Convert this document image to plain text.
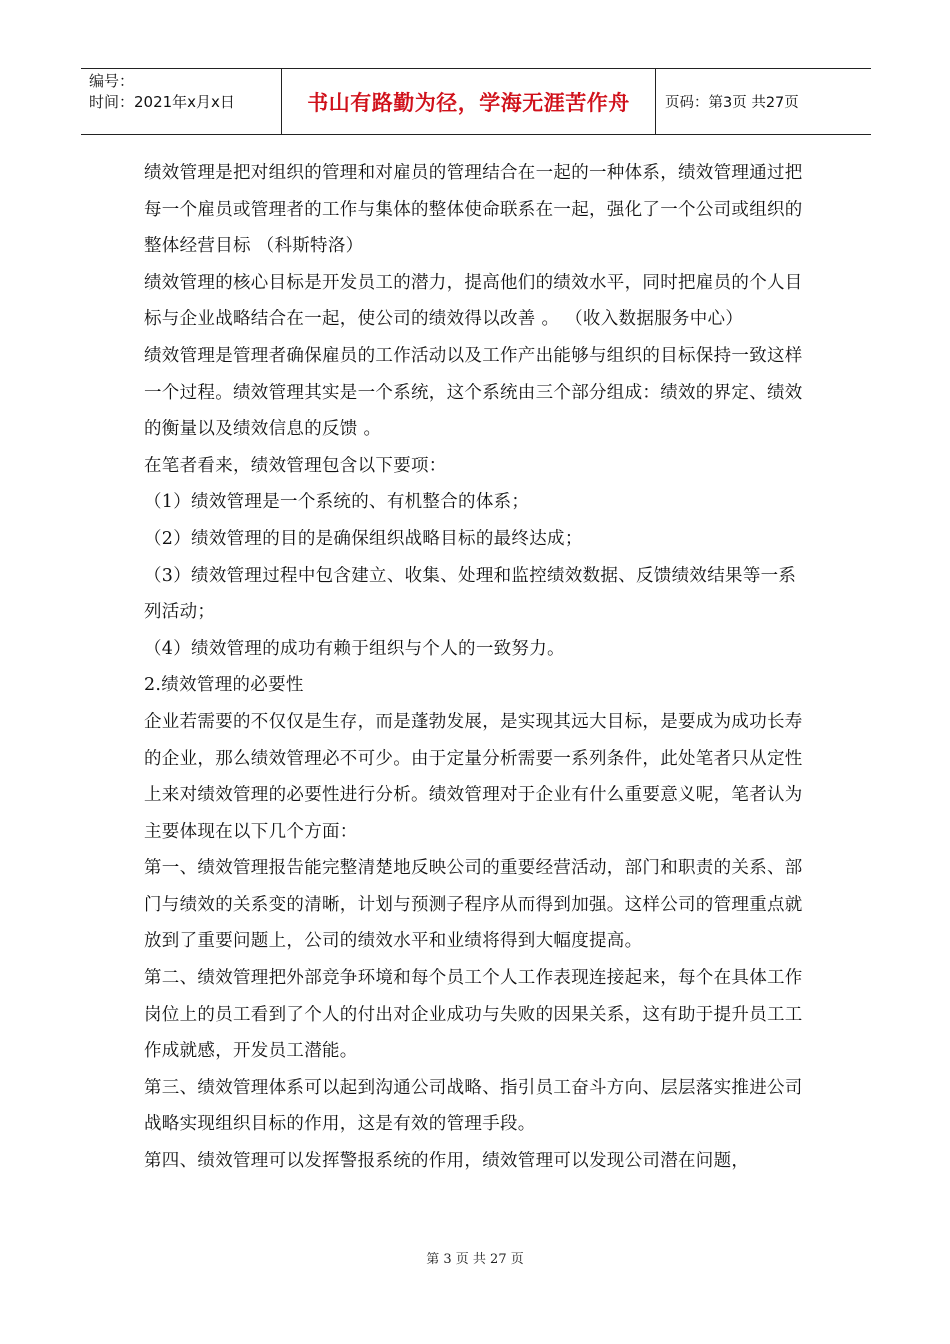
编号：
时间：2021年x月x日	书山有路勤为径，学海无涯苦作舟 页码：第3页 共27页

绩效管理是把对组织的管理和对雇员的管理结合在一起的一种体系，绩效管理通过把每一个雇员或管理者的工作与集体的整体使命联系在一起，强化了一个公司或组织的整体经营目标 （科斯特洛）

绩效管理的核心目标是开发员工的潜力，提高他们的绩效水平，同时把雇员的个人目标与企业战略结合在一起，使公司的绩效得以改善 。 （收入数据服务中心）

绩效管理是管理者确保雇员的工作活动以及工作产出能够与组织的目标保持一致这样一个过程。绩效管理其实是一个系统，这个系统由三个部分组成：绩效的界定、绩效的衡量以及绩效信息的反馈 。

在笔者看来，绩效管理包含以下要项：

（1）绩效管理是一个系统的、有机整合的体系；

（2）绩效管理的目的是确保组织战略目标的最终达成；

（3）绩效管理过程中包含建立、收集、处理和监控绩效数据、反馈绩效结果等一系列活动；

（4）绩效管理的成功有赖于组织与个人的一致努力。

2.绩效管理的必要性

企业若需要的不仅仅是生存，而是蓬勃发展，是实现其远大目标，是要成为成功长寿的企业，那么绩效管理必不可少。由于定量分析需要一系列条件，此处笔者只从定性上来对绩效管理的必要性进行分析。绩效管理对于企业有什么重要意义呢，笔者认为主要体现在以下几个方面：

第一、绩效管理报告能完整清楚地反映公司的重要经营活动，部门和职责的关系、部门与绩效的关系变的清晰，计划与预测子程序从而得到加强。这样公司的管理重点就放到了重要问题上，公司的绩效水平和业绩将得到大幅度提高。

第二、绩效管理把外部竞争环境和每个员工个人工作表现连接起来，每个在具体工作岗位上的员工看到了个人的付出对企业成功与失败的因果关系，这有助于提升员工工作成就感，开发员工潜能。

第三、绩效管理体系可以起到沟通公司战略、指引员工奋斗方向、层层落实推进公司战略实现组织目标的作用，这是有效的管理手段。

第四、绩效管理可以发挥警报系统的作用，绩效管理可以发现公司潜在问题，

第 3 页 共 27 页
